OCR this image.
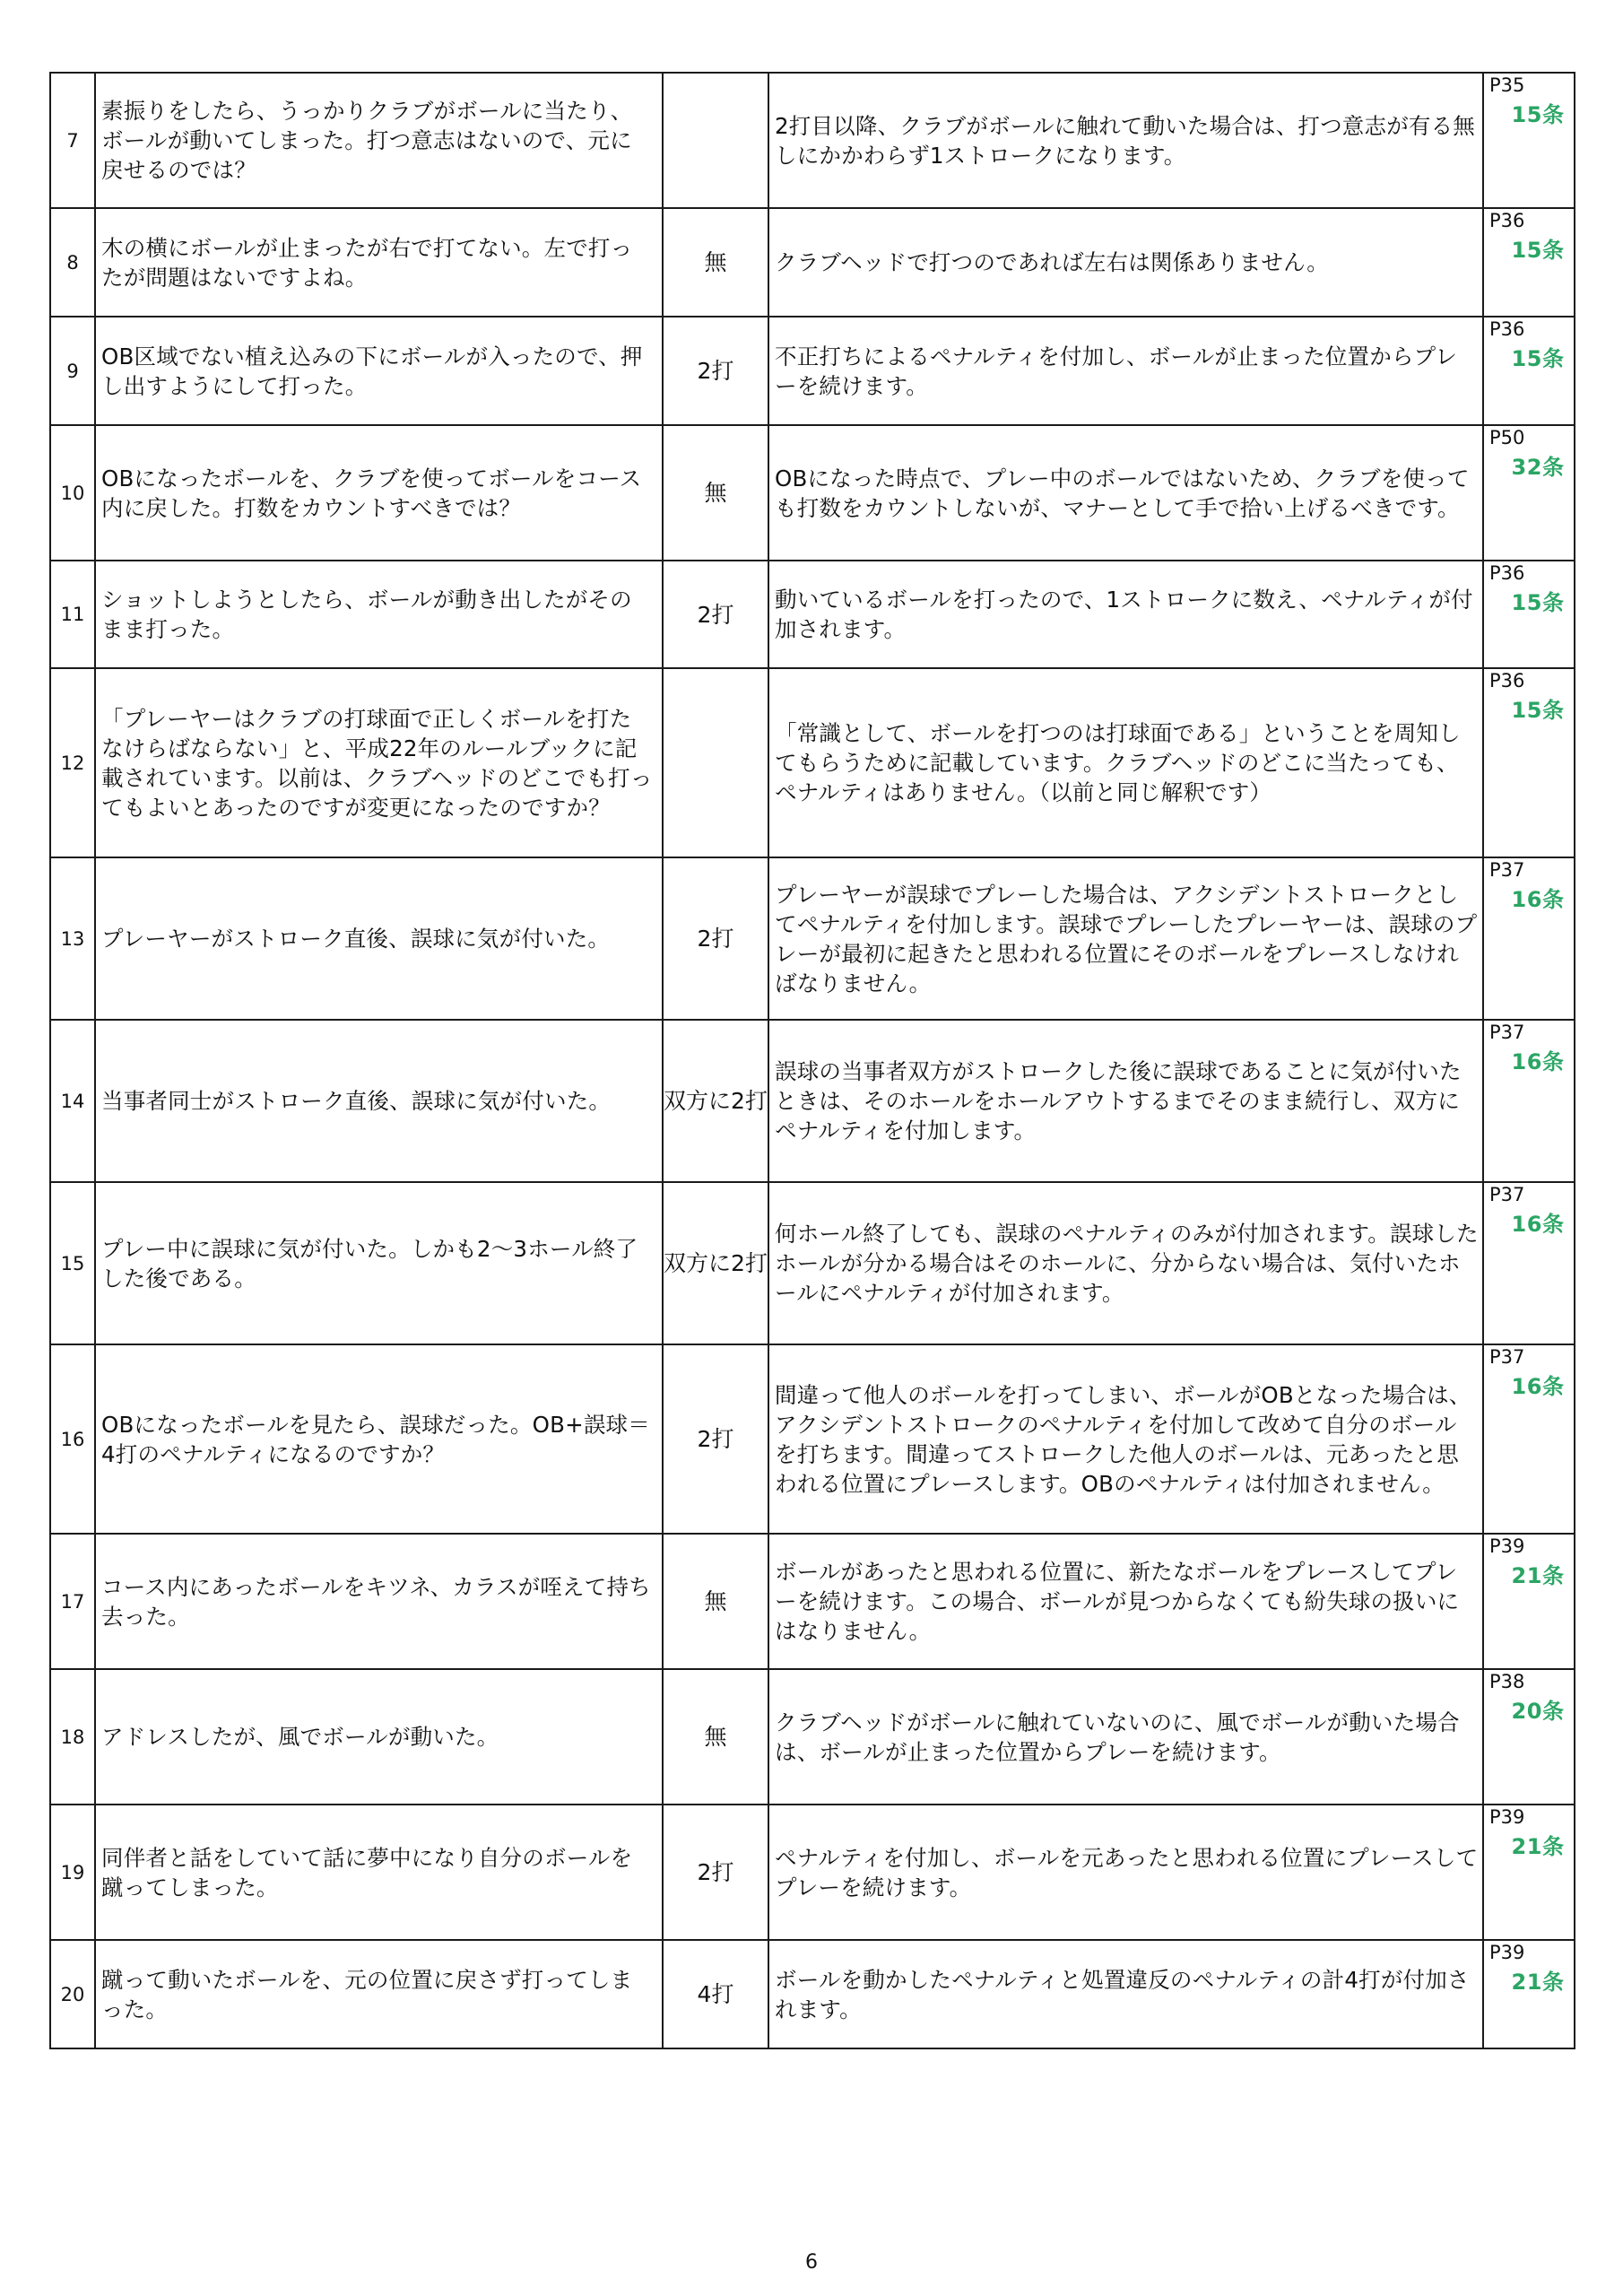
7	素振りをしたら、うっかりクラブがボールに当たり、ボールが動いてしまった。打つ意志はないので、元に戻せるのでは？		2打目以降、クラブがボールに触れて動いた場合は、打つ意志が有る無しにかかわらず1ストロークになります。	P35
15条

8	木の横にボールが止まったが右で打てない。左で打ったが問題はないですよね。	無	クラブヘッドで打つのであれば左右は関係ありません。	P36
15条

9	OB区域でない植え込みの下にボールが入ったので、押し出すようにして打った。	2打	不正打ちによるペナルティを付加し、ボールが止まった位置からプレーを続けます。	P36
15条

10	OBになったボールを、クラブを使ってボールをコース内に戻した。打数をカウントすべきでは？	無	OBになった時点で、プレー中のボールではないため、クラブを使っても打数をカウントしないが、マナーとして手で拾い上げるべきです。	P50
32条

11	ショットしようとしたら、ボールが動き出したがそのまま打った。	2打	動いているボールを打ったので、1ストロークに数え、ペナルティが付加されます。	P36
15条

12	「プレーヤーはクラブの打球面で正しくボールを打たなけらばならない」と、平成22年のルールブックに記載されています。以前は、クラブヘッドのどこでも打ってもよいとあったのですが変更になったのですか？		「常識として、ボールを打つのは打球面である」ということを周知してもらうために記載しています。クラブヘッドのどこに当たっても、ペナルティはありません。（以前と同じ解釈です）	P36
15条

13	プレーヤーがストローク直後、誤球に気が付いた。	2打	プレーヤーが誤球でプレーした場合は、アクシデントストロークとしてペナルティを付加します。誤球でプレーしたプレーヤーは、誤球のプレーが最初に起きたと思われる位置にそのボールをプレースしなければなりません。	P37
16条

14	当事者同士がストローク直後、誤球に気が付いた。	双方に2打	誤球の当事者双方がストロークした後に誤球であることに気が付いたときは、そのホールをホールアウトするまでそのまま続行し、双方にペナルティを付加します。	P37
16条

15	プレー中に誤球に気が付いた。しかも2～3ホール終了した後である。	双方に2打	何ホール終了しても、誤球のペナルティのみが付加されます。誤球したホールが分かる場合はそのホールに、分からない場合は、気付いたホールにペナルティが付加されます。	P37
16条

16	OBになったボールを見たら、誤球だった。OB+誤球＝4打のペナルティになるのですか？	2打	間違って他人のボールを打ってしまい、ボールがOBとなった場合は、アクシデントストロークのペナルティを付加して改めて自分のボールを打ちます。間違ってストロークした他人のボールは、元あったと思われる位置にプレースします。OBのペナルティは付加されません。	P37
16条

17	コース内にあったボールをキツネ、カラスが咥えて持ち去った。	無	ボールがあったと思われる位置に、新たなボールをプレースしてプレーを続けます。この場合、ボールが見つからなくても紛失球の扱いにはなりません。	P39
21条

18	アドレスしたが、風でボールが動いた。	無	クラブヘッドがボールに触れていないのに、風でボールが動いた場合は、ボールが止まった位置からプレーを続けます。	P38
20条

19	同伴者と話をしていて話に夢中になり自分のボールを蹴ってしまった。	2打	ペナルティを付加し、ボールを元あったと思われる位置にプレースしてプレーを続けます。	P39
21条

20	蹴って動いたボールを、元の位置に戻さず打ってしまった。	4打	ボールを動かしたペナルティと処置違反のペナルティの計4打が付加されます。	P39
21条
6
